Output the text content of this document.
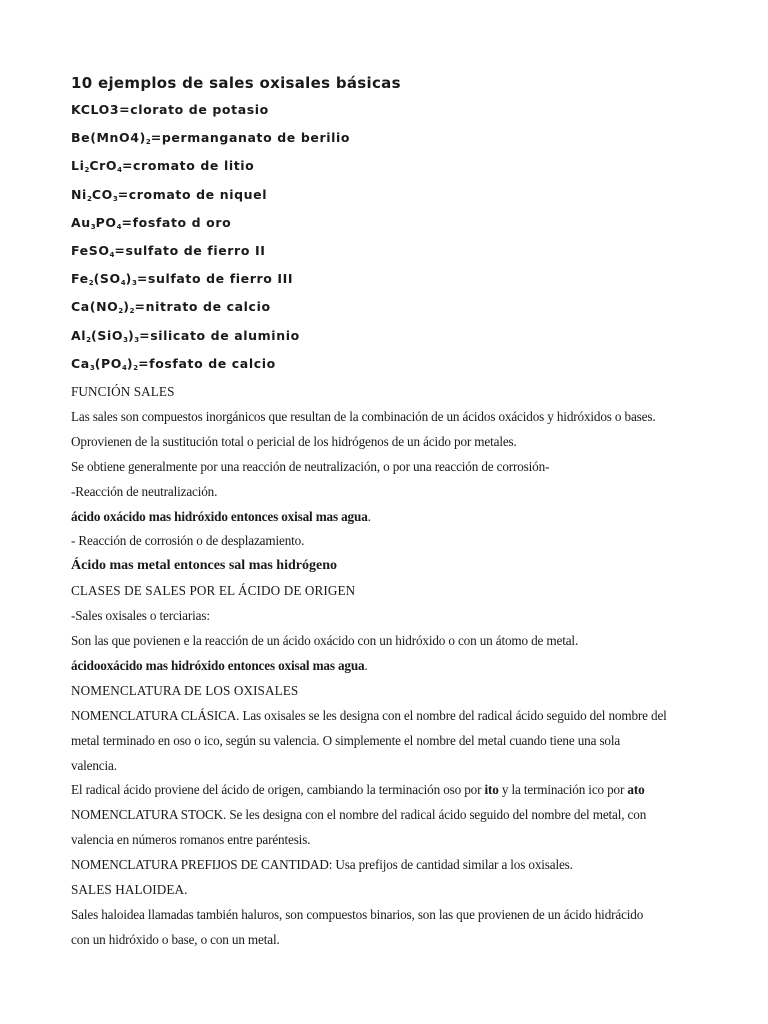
10 ejemplos de sales oxisales básicas
KCLO3=clorato de potasio
$Be(MnO4)_2=permanganato$ de berilio
$Li_2CrO_4=cromato$ de litio
$Ni_2CO_3=cromato$ de niquel
$Au_3PO_4=fosfato$ d oro
FeSO$_4$=sulfato de fierro II
$Fe_2(SO_4)_3=sulfato$ de fierro III
$Ca(NO_2)_2=nitrato$ de calcio
$Al_2(SiO_3)_3=silicato$ de aluminio
$Ca_3(PO_4)_2=fosfato$ de calcio
FUNCIÓN SALES
Las sales son compuestos inorgánicos que resultan de la combinación de un ácidos oxácidos y hidróxidos o bases.
Oprovienen de la sustitución total o pericial de los hidrógenos de un ácido por metales.
Se obtiene generalmente por una reacción de neutralización, o por una reacción de corrosión-
-Reacción de neutralización.
ácido oxácido mas hidróxido entonces oxisal mas agua.
- Reacción de corrosión o de desplazamiento.
Ácido mas metal entonces sal mas hidrógeno
CLASES DE SALES POR EL ÁCIDO DE ORIGEN
-Sales oxisales o terciarias:
Son las que povienen e la reacción de un ácido oxácido con un hidróxido o con un átomo de metal.
ácidooxácido mas hidróxido entonces oxisal mas agua.
NOMENCLATURA DE LOS OXISALES
NOMENCLATURA CLÁSICA. Las oxisales se les designa con el nombre del radical ácido seguido del nombre del
metal terminado en oso o ico, según su valencia. O simplemente el nombre del metal cuando tiene una sola
valencia.
El radical ácido proviene del ácido de origen, cambiando la terminación oso por ito y la terminación ico por ato
NOMENCLATURA STOCK. Se les designa con el nombre del radical ácido seguido del nombre del metal, con
valencia en números romanos entre paréntesis.
NOMENCLATURA PREFIJOS DE CANTIDAD: Usa prefijos de cantidad similar a los oxisales.
SALES HALOIDEA.
Sales haloidea llamadas también haluros, son compuestos binarios, son las que provienen de un ácido hidrácido
con un hidróxido o base, o con un metal.
